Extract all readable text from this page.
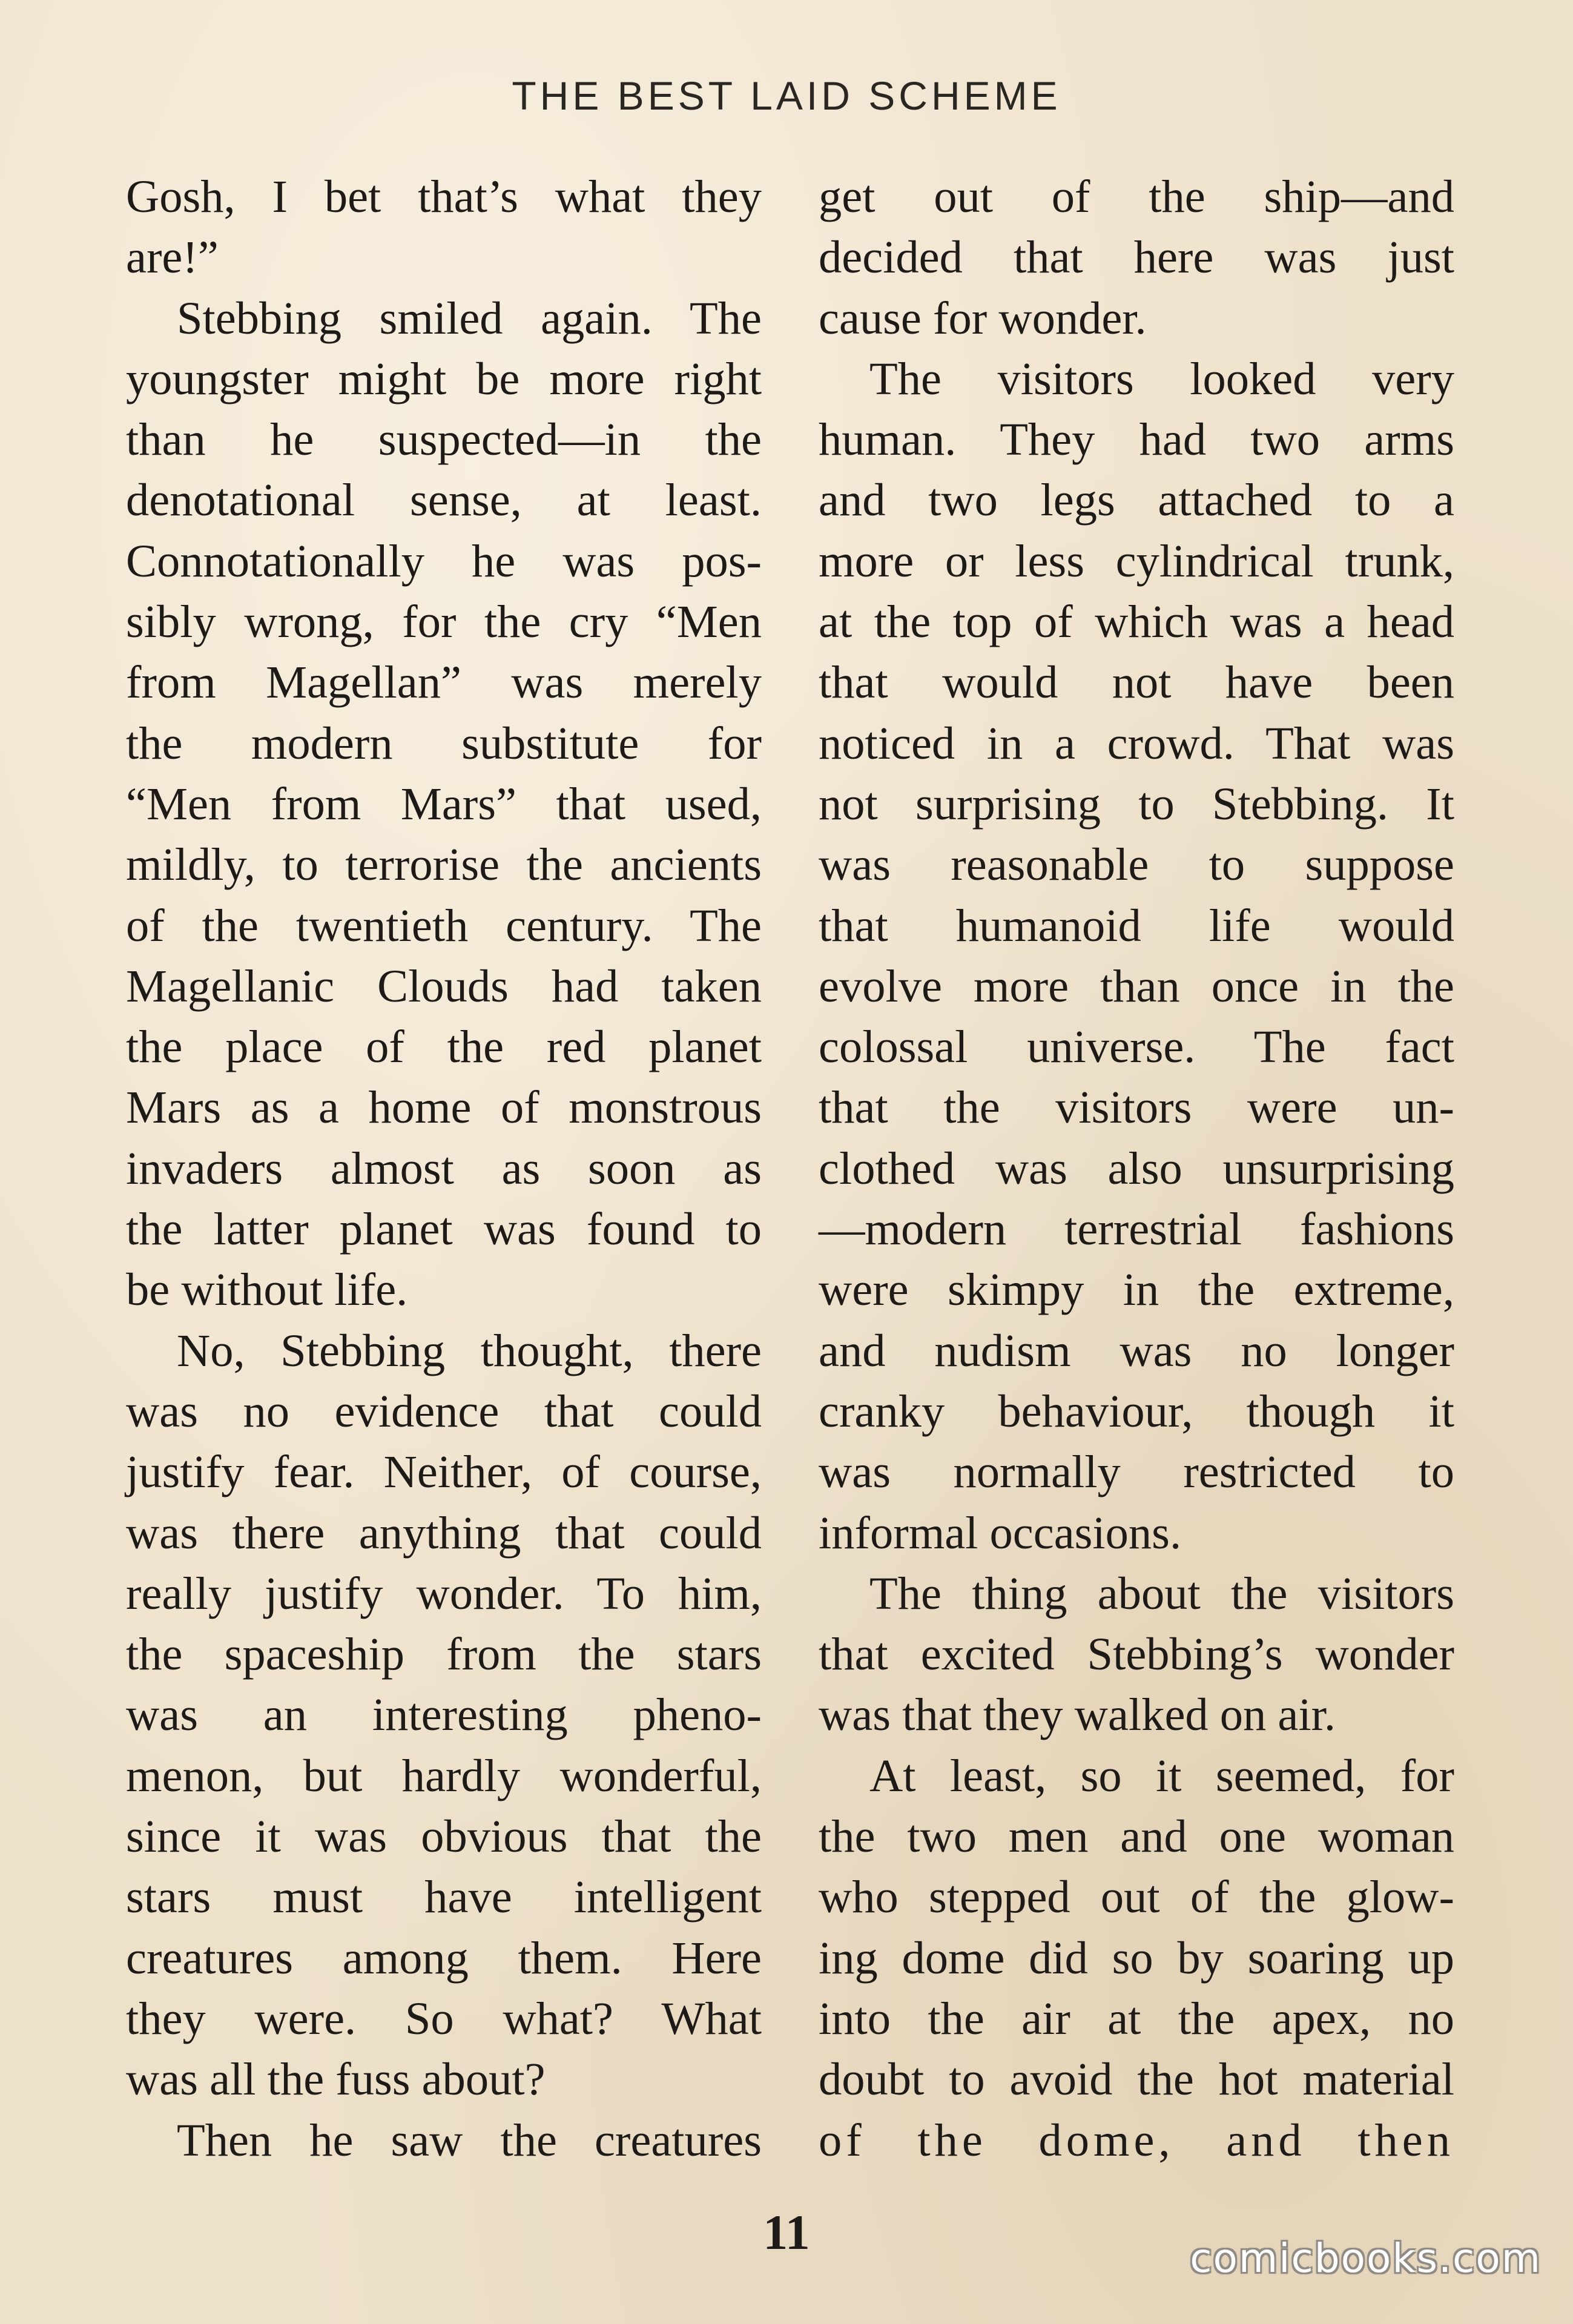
THE BEST LAID SCHEME
Gosh, I bet that’s what they
are!”
Stebbing smiled again. The
youngster might be more right
than he suspected—in the
denotational sense, at least.
Connotationally he was pos-
sibly wrong, for the cry “Men
from Magellan” was merely
the modern substitute for
“Men from Mars” that used,
mildly, to terrorise the ancients
of the twentieth century. The
Magellanic Clouds had taken
the place of the red planet
Mars as a home of monstrous
invaders almost as soon as
the latter planet was found to
be without life.
No, Stebbing thought, there
was no evidence that could
justify fear. Neither, of course,
was there anything that could
really justify wonder. To him,
the spaceship from the stars
was an interesting pheno-
menon, but hardly wonderful,
since it was obvious that the
stars must have intelligent
creatures among them. Here
they were. So what? What
was all the fuss about?
Then he saw the creatures
get out of the ship—and
decided that here was just
cause for wonder.
The visitors looked very
human. They had two arms
and two legs attached to a
more or less cylindrical trunk,
at the top of which was a head
that would not have been
noticed in a crowd. That was
not surprising to Stebbing. It
was reasonable to suppose
that humanoid life would
evolve more than once in the
colossal universe. The fact
that the visitors were un-
clothed was also unsurprising
—modern terrestrial fashions
were skimpy in the extreme,
and nudism was no longer
cranky behaviour, though it
was normally restricted to
informal occasions.
The thing about the visitors
that excited Stebbing’s wonder
was that they walked on air.
At least, so it seemed, for
the two men and one woman
who stepped out of the glow-
ing dome did so by soaring up
into the air at the apex, no
doubt to avoid the hot material
of the dome, and then
11	comicbooks.com
